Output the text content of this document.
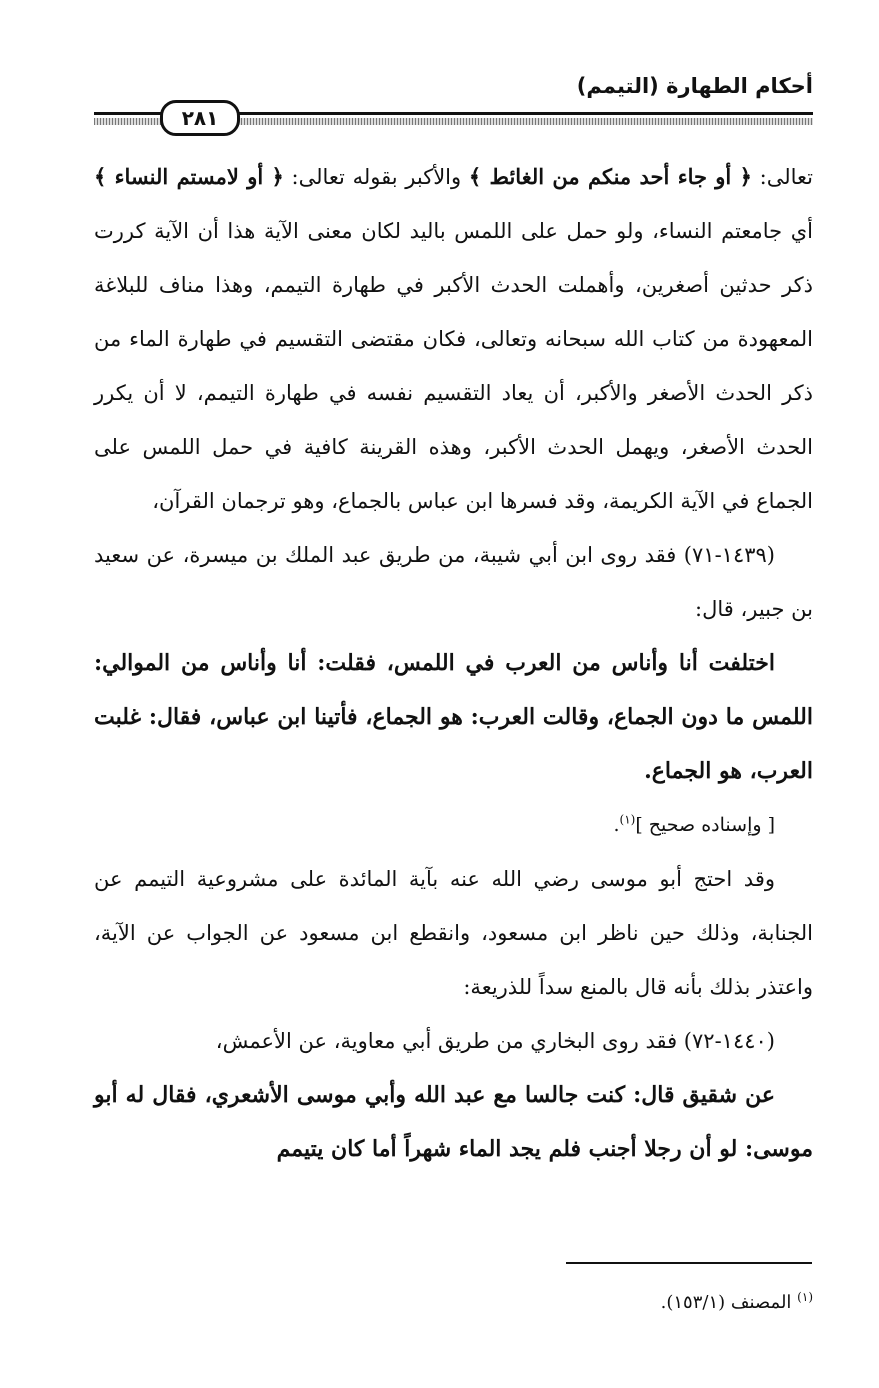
أحكام الطهارة (التيمم)
٢٨١

تعالى: ﴿ أو جاء أحد منكم من الغائط ﴾ والأكبر بقوله تعالى: ﴿ أو لامستم النساء ﴾ أي جامعتم النساء، ولو حمل على اللمس باليد لكان معنى الآية هذا أن الآية كررت ذكر حدثين أصغرين، وأهملت الحدث الأكبر في طهارة التيمم، وهذا مناف للبلاغة المعهودة من كتاب الله سبحانه وتعالى، فكان مقتضى التقسيم في طهارة الماء من ذكر الحدث الأصغر والأكبر، أن يعاد التقسيم نفسه في طهارة التيمم، لا أن يكرر الحدث الأصغر، ويهمل الحدث الأكبر، وهذه القرينة كافية في حمل اللمس على الجماع في الآية الكريمة، وقد فسرها ابن عباس بالجماع، وهو ترجمان القرآن،

(١٤٣٩-٧١) فقد روى ابن أبي شيبة، من طريق عبد الملك بن ميسرة، عن سعيد بن جبير، قال:

اختلفت أنا وأناس من العرب في اللمس، فقلت: أنا وأناس من الموالي: اللمس ما دون الجماع، وقالت العرب: هو الجماع، فأتينا ابن عباس، فقال: غلبت العرب، هو الجماع.

[ وإسناده صحيح ]$^{(١)}$.

وقد احتج أبو موسى رضي الله عنه بآية المائدة على مشروعية التيمم عن الجنابة، وذلك حين ناظر ابن مسعود، وانقطع ابن مسعود عن الجواب عن الآية، واعتذر بذلك بأنه قال بالمنع سداً للذريعة:

(١٤٤٠-٧٢) فقد روى البخاري من طريق أبي معاوية، عن الأعمش،

عن شقيق قال: كنت جالسا مع عبد الله وأبي موسى الأشعري، فقال له أبو موسى: لو أن رجلا أجنب فلم يجد الماء شهراً أما كان يتيمم

$^{(١)}$ المصنف (١٥٣/١).
